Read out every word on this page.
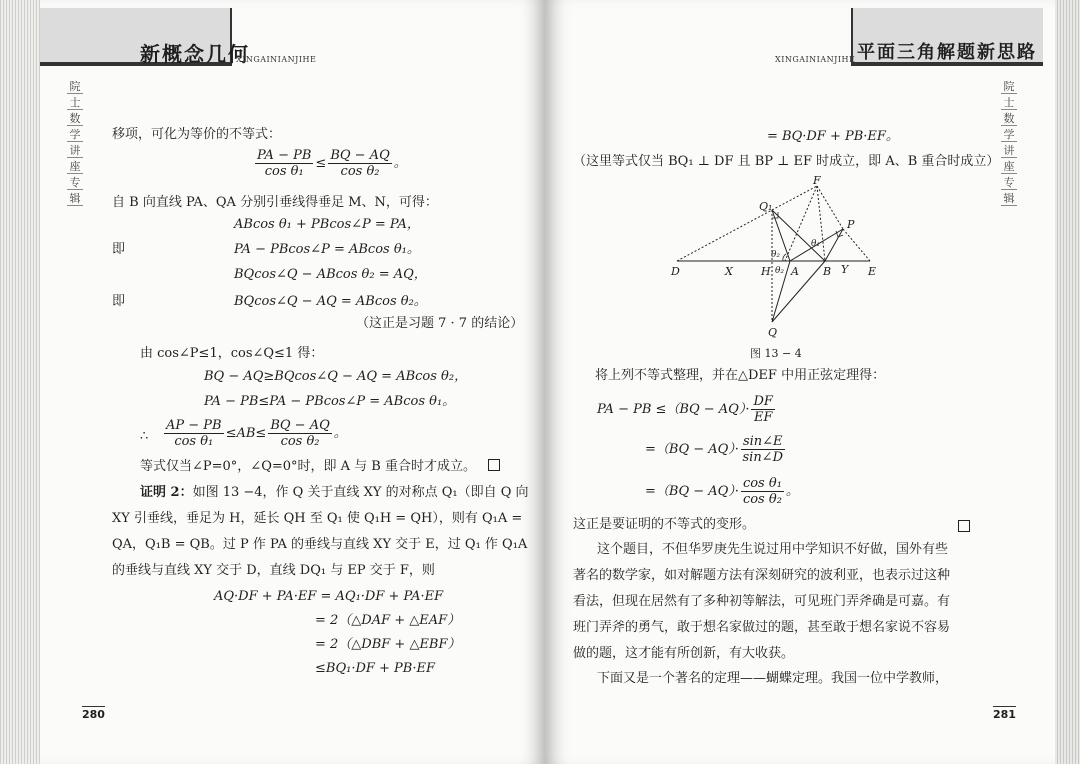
新概念几何
XINGAINIANJIHE
院
士
数
学
讲
座
专
辑
移项，可化为等价的不等式：
$\frac{PA - PB}{\text{cos θ₁}} \le \frac{BQ - AQ}{\text{cos θ₂}}$ 。
自 B 向直线 PA、QA 分别引垂线得垂足 M、N，可得：
ABcos θ₁ + PBcos∠P = PA，
即	PA − PBcos∠P = ABcos θ₁。
BQcos∠Q − ABcos θ₂ = AQ，
即	BQcos∠Q − AQ = ABcos θ₂。
（这正是习题 7 · 7 的结论）
由 cos∠P≤1，cos∠Q≤1 得：
BQ − AQ≥BQcos∠Q − AQ = ABcos θ₂，
PA − PB≤PA − PBcos∠P = ABcos θ₁。
∴ $\frac{AP - PB}{\text{cos θ₁}} \le AB\le \frac{BQ - AQ}{\text{cos θ₂}}$ 。
等式仅当∠P=0°，∠Q=0°时，即 A 与 B 重合时才成立。
证明 2：如图 13 −4，作 Q 关于直线 XY 的对称点 Q₁（即自 Q 向
XY 引垂线，垂足为 H，延长 QH 至 Q₁ 使 Q₁H = QH），则有 Q₁A =
QA，Q₁B = QB。过 P 作 PA 的垂线与直线 XY 交于 E，过 Q₁ 作 Q₁A
的垂线与直线 XY 交于 D，直线 DQ₁ 与 EP 交于 F，则
AQ·DF + PA·EF = AQ₁·DF + PA·EF
= 2（△DAF + △EAF）
= 2（△DBF + △EBF）
≤BQ₁·DF + PB·EF
280
平面三角解题新思路
XINGAINIANJIHE
院
士
数
学
讲
座
专
辑
= BQ·DF + PB·EF。
（这里等式仅当 BQ₁ ⊥ DF 且 BP ⊥ EF 时成立，即 A、B 重合时成立）
F
Q₁
P
D	X	H A B Y E
Q
θ₁
θ₂
θ₂
图 13 − 4
将上列不等式整理，并在△DEF 中用正弦定理得：
PA − PB $\le(BQ - AQ)\cdot \frac{DF}{EF}$
$=(BQ - AQ)\cdot \frac{\sin\angle E}{\sin\angle D}$
$=(BQ - AQ)\cdot \frac{\text{cos θ₁}}{\text{cos θ₂}}$ 。
这正是要证明的不等式的变形。
这个题目，不但华罗庚先生说过用中学知识不好做，国外有些
著名的数学家，如对解题方法有深刻研究的波利亚，也表示过这种
看法，但现在居然有了多种初等解法，可见班门弄斧确是可嘉。有
班门弄斧的勇气，敢于想名家做过的题，甚至敢于想名家说不容易
做的题，这才能有所创新，有大收获。
下面又是一个著名的定理——蝴蝶定理。我国一位中学教师，
281
